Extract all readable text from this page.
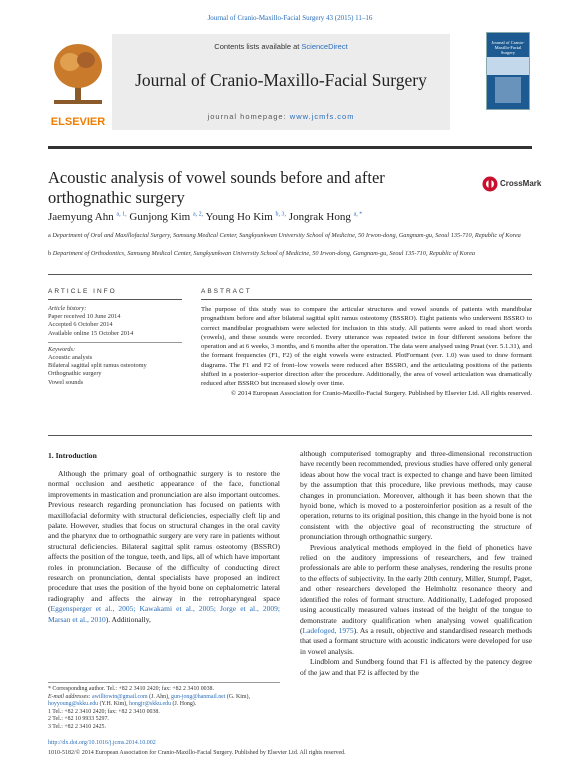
Journal of Cranio-Maxillo-Facial Surgery 43 (2015) 11–16
ELSEVIER
Contents lists available at ScienceDirect
Journal of Cranio-Maxillo-Facial Surgery
journal homepage: www.jcmfs.com
Journal of Cranio-Maxillo-Facial Surgery
Acoustic analysis of vowel sounds before and after orthognathic surgery
CrossMark
Jaemyung Ahn $^{a, 1,}$ Gunjong Kim $^{a, 2,}$ Young Ho Kim $^{b, 3,}$ Jongrak Hong $^{a, *}$
a Department of Oral and Maxillofacial Surgery, Samsung Medical Center, Sungkyunkwan University School of Medicine, 50 Irwon-dong, Gangnam-gu, Seoul 135-710, Republic of Korea
b Department of Orthodontics, Samsung Medical Center, Sungkyunkwan University School of Medicine, 50 Irwon-dong, Gangnam-gu, Seoul 135-710, Republic of Korea
ARTICLE INFO	ABSTRACT
Article history:
Paper received 10 June 2014
Accepted 6 October 2014
Available online 15 October 2014
Keywords:
Acoustic analysis
Bilateral sagittal split ramus osteotomy
Orthognathic surgery
Vowel sounds
The purpose of this study was to compare the articular structures and vowel sounds of patients with mandibular prognathism before and after bilateral sagittal split ramus osteotomy (BSSRO). Eight patients who underwent BSSRO to correct mandibular prognathism were selected for inclusion in this study. All patients were asked to read short words (vowels), and these sounds were recorded. Every utterance was repeated twice in four different sessions before the operation and at 6 weeks, 3 months, and 6 months after the operation. The data were analysed using Praat (ver. 5.1.31), and the formant frequencies (F1, F2) of the eight vowels were extracted. PlotFormant (ver. 1.0) was used to draw formant diagrams. The F1 and F2 of front–low vowels were reduced after BSSRO, and the articulating positions of the patients shifted in a posterior–superior direction after the procedure. Additionally, the area of vowel articulation was dramatically reduced after BSSRO but increased slowly over time.
© 2014 European Association for Cranio-Maxillo-Facial Surgery. Published by Elsevier Ltd. All rights reserved.
1. Introduction

Although the primary goal of orthognathic surgery is to restore the normal occlusion and aesthetic appearance of the face, functional improvements in mastication and pronunciation are also important outcomes. Previous research regarding pronunciation has focused on patients with maxillofacial deformity with structural deficiencies, especially cleft lip and palate. However, studies that focus on structural changes in the oral cavity and the pharynx due to orthognathic surgery are very rare in patients without structural deficiencies. Bilateral sagittal split ramus osteotomy (BSSRO) affects the position of the tongue, teeth, and lips, all of which have important roles in pronunciation. Because of the difficulty of conducting direct research on pronunciation, dental specialists have proposed an indirect procedure that uses the position of the hyoid bone on cephalometric lateral radiography and affects the airway in the retropharyngeal space (Eggensperger et al., 2005; Kawakami et al., 2005; Jorge et al., 2009; Marsan et al., 2010). Additionally,

although computerised tomography and three-dimensional reconstruction have recently been recommended, previous studies have offered only general ideas about how the vocal tract is expected to change and have been limited by the assumption that this procedure, like previous methods, may cause changes in pronunciation. Moreover, although it has been shown that the hyoid bone, which is moved to a posteroinferior position as a result of the operation, returns to its original position, this change in the hyoid bone is not consistent with the objective goal of reconstructing the structure of pronunciation through orthognathic surgery.

Previous analytical methods employed in the field of phonetics have relied on the auditory impressions of researchers, and few trained professionals are able to perform these analyses, rendering the results prone to the effects of subjectivity. In the early 20th century, Miller, Stumpf, Paget, and other researchers developed the Helmholtz resonance theory and identified the roles of formant structure. Additionally, Ladefoged proposed using acoustically measured values instead of the height of the tongue to demonstrate auditory qualification when analysing vowel qualification (Ladefoged, 1975). As a result, objective and standardised research methods that used a formant structure with acoustic indicators were developed for use in vowel analysis.

Lindblom and Sundberg found that F1 is affected by the patency degree of the jaw and that F2 is affected by the

* Corresponding author. Tel.: +82 2 3410 2420; fax: +82 2 3410 0038.
E-mail addresses: awilltowin@gmail.com (J. Ahn), gun-jong@hanmail.net (G. Kim), hoyyoung@skku.edu (Y.H. Kim), hongjr@skku.edu (J. Hong).
1 Tel.: +82 2 3410 2420; fax: +82 2 3410 0038.
2 Tel.: +82 10 9933 5297.
3 Tel.: +82 2 3410 2425.
http://dx.doi.org/10.1016/j.jcms.2014.10.002
1010-5182/© 2014 European Association for Cranio-Maxillo-Facial Surgery. Published by Elsevier Ltd. All rights reserved.
